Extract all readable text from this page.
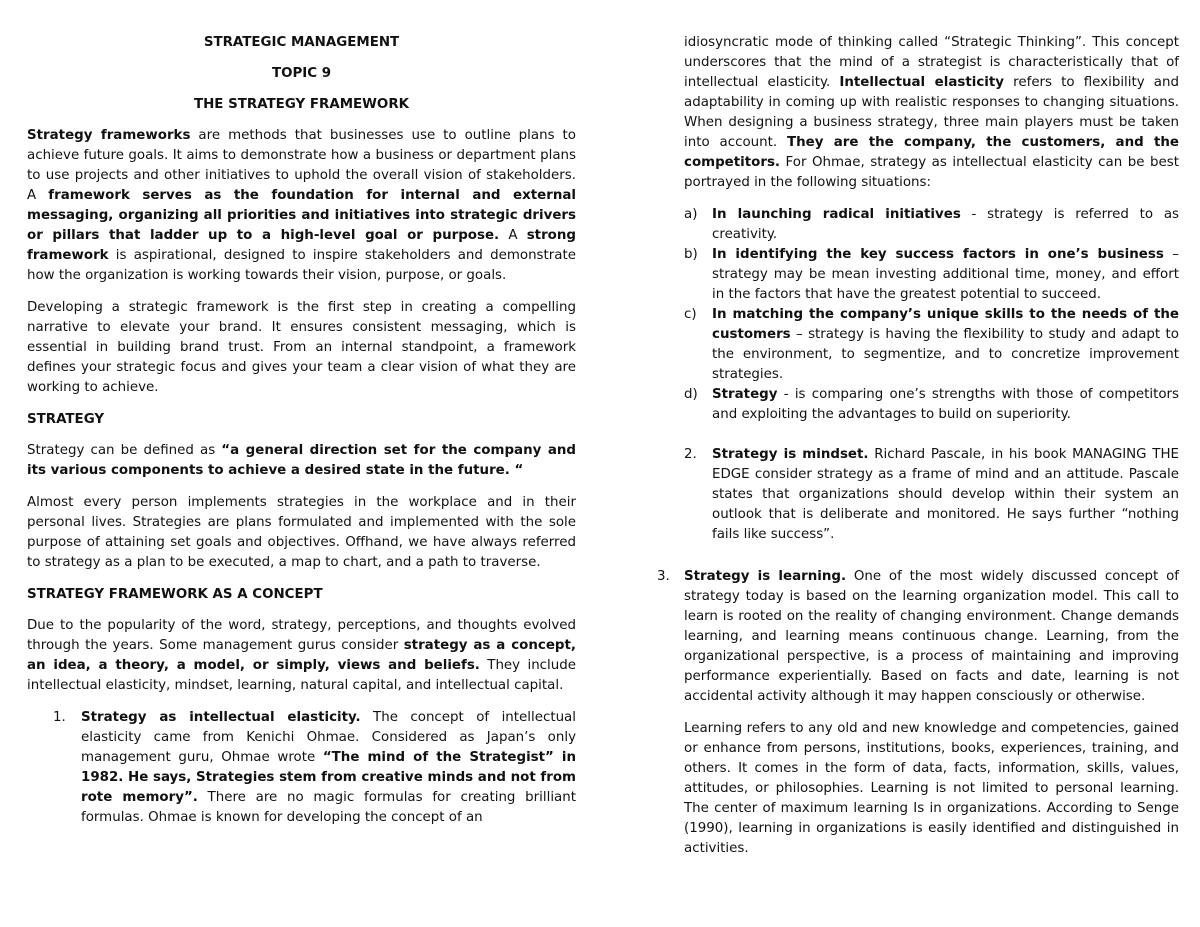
STRATEGIC MANAGEMENT
TOPIC 9
THE STRATEGY FRAMEWORK

Strategy frameworks are methods that businesses use to outline plans to achieve future goals. It aims to demonstrate how a business or department plans to use projects and other initiatives to uphold the overall vision of stakeholders. A framework serves as the foundation for internal and external messaging, organizing all priorities and initiatives into strategic drivers or pillars that ladder up to a high-level goal or purpose. A strong framework is aspirational, designed to inspire stakeholders and demonstrate how the organization is working towards their vision, purpose, or goals.

Developing a strategic framework is the first step in creating a compelling narrative to elevate your brand. It ensures consistent messaging, which is essential in building brand trust. From an internal standpoint, a framework defines your strategic focus and gives your team a clear vision of what they are working to achieve.

STRATEGY

Strategy can be defined as “a general direction set for the company and its various components to achieve a desired state in the future. “

Almost every person implements strategies in the workplace and in their personal lives. Strategies are plans formulated and implemented with the sole purpose of attaining set goals and objectives. Offhand, we have always referred to strategy as a plan to be executed, a map to chart, and a path to traverse.

STRATEGY FRAMEWORK AS A CONCEPT

Due to the popularity of the word, strategy, perceptions, and thoughts evolved through the years. Some management gurus consider strategy as a concept, an idea, a theory, a model, or simply, views and beliefs. They include intellectual elasticity, mindset, learning, natural capital, and intellectual capital.

1. Strategy as intellectual elasticity. The concept of intellectual elasticity came from Kenichi Ohmae. Considered as Japan’s only management guru, Ohmae wrote “The mind of the Strategist” in 1982. He says, Strategies stem from creative minds and not from rote memory”. There are no magic formulas for creating brilliant formulas. Ohmae is known for developing the concept of an

idiosyncratic mode of thinking called “Strategic Thinking”. This concept underscores that the mind of a strategist is characteristically that of intellectual elasticity. Intellectual elasticity refers to flexibility and adaptability in coming up with realistic responses to changing situations. When designing a business strategy, three main players must be taken into account. They are the company, the customers, and the competitors. For Ohmae, strategy as intellectual elasticity can be best portrayed in the following situations:

a) In launching radical initiatives - strategy is referred to as creativity.
b) In identifying the key success factors in one’s business – strategy may be mean investing additional time, money, and effort in the factors that have the greatest potential to succeed.
c) In matching the company’s unique skills to the needs of the customers – strategy is having the flexibility to study and adapt to the environment, to segmentize, and to concretize improvement strategies.
d) Strategy - is comparing one’s strengths with those of competitors and exploiting the advantages to build on superiority.
2. Strategy is mindset. Richard Pascale, in his book MANAGING THE EDGE consider strategy as a frame of mind and an attitude. Pascale states that organizations should develop within their system an outlook that is deliberate and monitored. He says further “nothing fails like success”.
3. Strategy is learning. One of the most widely discussed concept of strategy today is based on the learning organization model. This call to learn is rooted on the reality of changing environment. Change demands learning, and learning means continuous change. Learning, from the organizational perspective, is a process of maintaining and improving performance experientially. Based on facts and date, learning is not accidental activity although it may happen consciously or otherwise.

Learning refers to any old and new knowledge and competencies, gained or enhance from persons, institutions, books, experiences, training, and others. It comes in the form of data, facts, information, skills, values, attitudes, or philosophies. Learning is not limited to personal learning. The center of maximum learning Is in organizations. According to Senge (1990), learning in organizations is easily identified and distinguished in activities.
